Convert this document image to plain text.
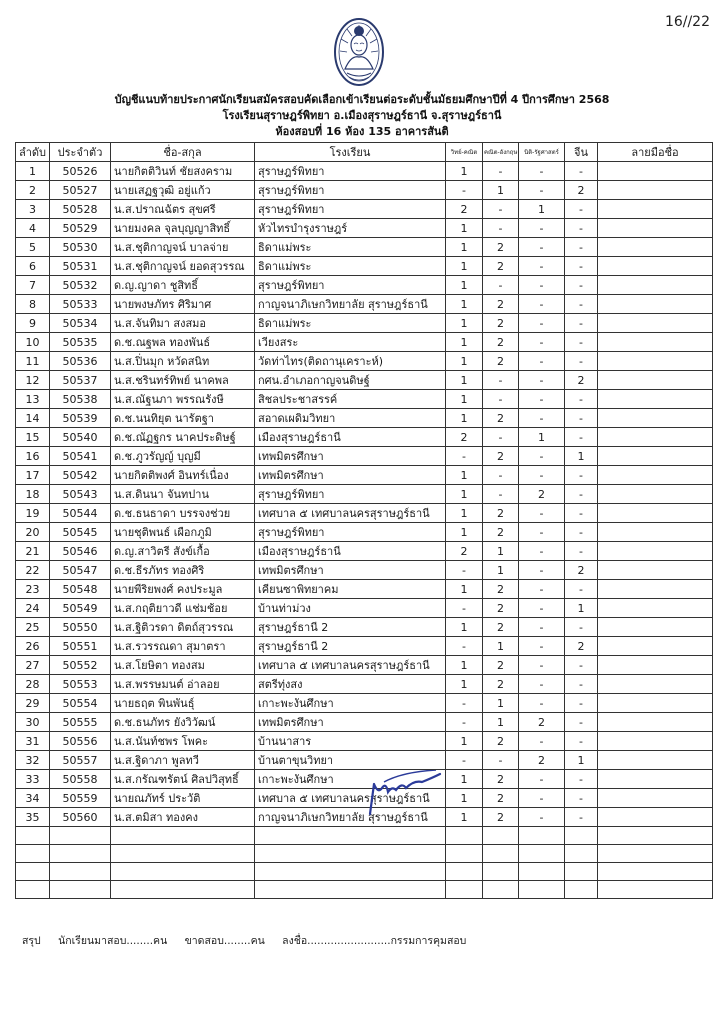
16//22
บัญชีแนบท้ายประกาศนักเรียนสมัครสอบคัดเลือกเข้าเรียนต่อระดับชั้นมัธยมศึกษาปีที่ 4 ปีการศึกษา 2568
โรงเรียนสุราษฎร์พิทยา อ.เมืองสุราษฎร์ธานี จ.สุราษฎร์ธานี
ห้องสอบที่ 16 ห้อง 135 อาคารสันติ
ลำดับ	ประจำตัว	ชื่อ-สกุล	โรงเรียน	วิทย์-คณิต	คณิต-อังกฤษ	นิติ-รัฐศาสตร์	จีน	ลายมือชื่อ
1	50526	นายกิตติวินท์ ชัยสงคราม	สุราษฎร์พิทยา	1	-	-	-	
2	50527	นายเสฏฐวุฒิ อยู่แก้ว	สุราษฎร์พิทยา	-	1	-	2	
3	50528	น.ส.ปราณฉัตร สุขศรี	สุราษฎร์พิทยา	2	-	1	-	
4	50529	นายมงคล จุลบุญญาสิทธิ์	หัวไทรบำรุงราษฎร์	1	-	-	-	
5	50530	น.ส.ชุติกาญจน์ บาลจ่าย	ธิดาแม่พระ	1	2	-	-	
6	50531	น.ส.ชุติกาญจน์ ยอดสุวรรณ	ธิดาแม่พระ	1	2	-	-	
7	50532	ด.ญ.ญาดา ชูสิทธิ์	สุราษฎร์พิทยา	1	-	-	-	
8	50533	นายพงษภัทร ศิริมาศ	กาญจนาภิเษกวิทยาลัย สุราษฎร์ธานี	1	2	-	-	
9	50534	น.ส.จันทิมา สงสมอ	ธิดาแม่พระ	1	2	-	-	
10	50535	ด.ช.ณฐพล ทองพันธ์	เวียงสระ	1	2	-	-	
11	50536	น.ส.ปิ่นมุก หวัดสนิท	วัดท่าไทร(ติดถานุเคราะห์)	1	2	-	-	
12	50537	น.ส.ชรินทร์ทิพย์ นาคพล	กศน.อำเภอกาญจนดิษฐ์	1	-	-	2	
13	50538	น.ส.ณัฐนภา พรรณรังษี	สิชลประชาสรรค์	1	-	-	-	
14	50539	ด.ช.นนทิยุต นารัตฐา	สอาดเผดิมวิทยา	1	2	-	-	
15	50540	ด.ช.ณัฏฐกร นาคประดิษฐ์	เมืองสุราษฎร์ธานี	2	-	1	-	
16	50541	ด.ช.ภูวรัญญ์ บุญมี	เทพมิตรศึกษา	-	2	-	1	
17	50542	นายกิตติพงศ์ อินทร์เนื่อง	เทพมิตรศึกษา	1	-	-	-	
18	50543	น.ส.ดินนา จันทปาน	สุราษฎร์พิทยา	1	-	2	-	
19	50544	ด.ช.ธนธาดา บรรจงช่วย	เทศบาล ๕ เทศบาลนครสุราษฎร์ธานี	1	2	-	-	
20	50545	นายชุติพนธ์ เผือกภูมิ	สุราษฎร์พิทยา	1	2	-	-	
21	50546	ด.ญ.สาวิตรี สังข์เกื้อ	เมืองสุราษฎร์ธานี	2	1	-	-	
22	50547	ด.ช.ธีรภัทร ทองศิริ	เทพมิตรศึกษา	-	1	-	2	
23	50548	นายพีริยพงศ์ คงประมูล	เคียนซาพิทยาคม	1	2	-	-	
24	50549	น.ส.กฤติยาวดี แช่มช้อย	บ้านท่าม่วง	-	2	-	1	
25	50550	น.ส.ฐิติวรดา ดิตถ์สุวรรณ	สุราษฎร์ธานี 2	1	2	-	-	
26	50551	น.ส.รวรรณดา สุมาตรา	สุราษฎร์ธานี 2	-	1	-	2	
27	50552	น.ส.โยษิตา ทองสม	เทศบาล ๕ เทศบาลนครสุราษฎร์ธานี	1	2	-	-	
28	50553	น.ส.พรรษมนต์ อ่าลอย	สตรีทุ่งสง	1	2	-	-	
29	50554	นายธฤต พินพันธุ์	เกาะพะงันศึกษา	-	1	-	-	
30	50555	ด.ช.ธนภัทร ยังวิวัฒน์	เทพมิตรศึกษา	-	1	2	-	
31	50556	น.ส.นันท์ชพร โพคะ	บ้านนาสาร	1	2	-	-	
32	50557	น.ส.ฐิดาภา พูลทวี	บ้านตาขุนวิทยา	-	-	2	1	
33	50558	น.ส.กรัณฑรัตน์ ศิลปวิสุทธิ์	เกาะพะงันศึกษา	1	2	-	-	
34	50559	นายณภัทร์ ประวัติ	เทศบาล ๕ เทศบาลนครสุราษฎร์ธานี	1	2	-	-	
35	50560	น.ส.ตมิสา ทองคง	กาญจนาภิเษกวิทยาลัย สุราษฎร์ธานี	1	2	-	-	

สรุป นักเรียนมาสอบ........คน ขาดสอบ........คน ลงชื่อ.........................กรรมการคุมสอบ
